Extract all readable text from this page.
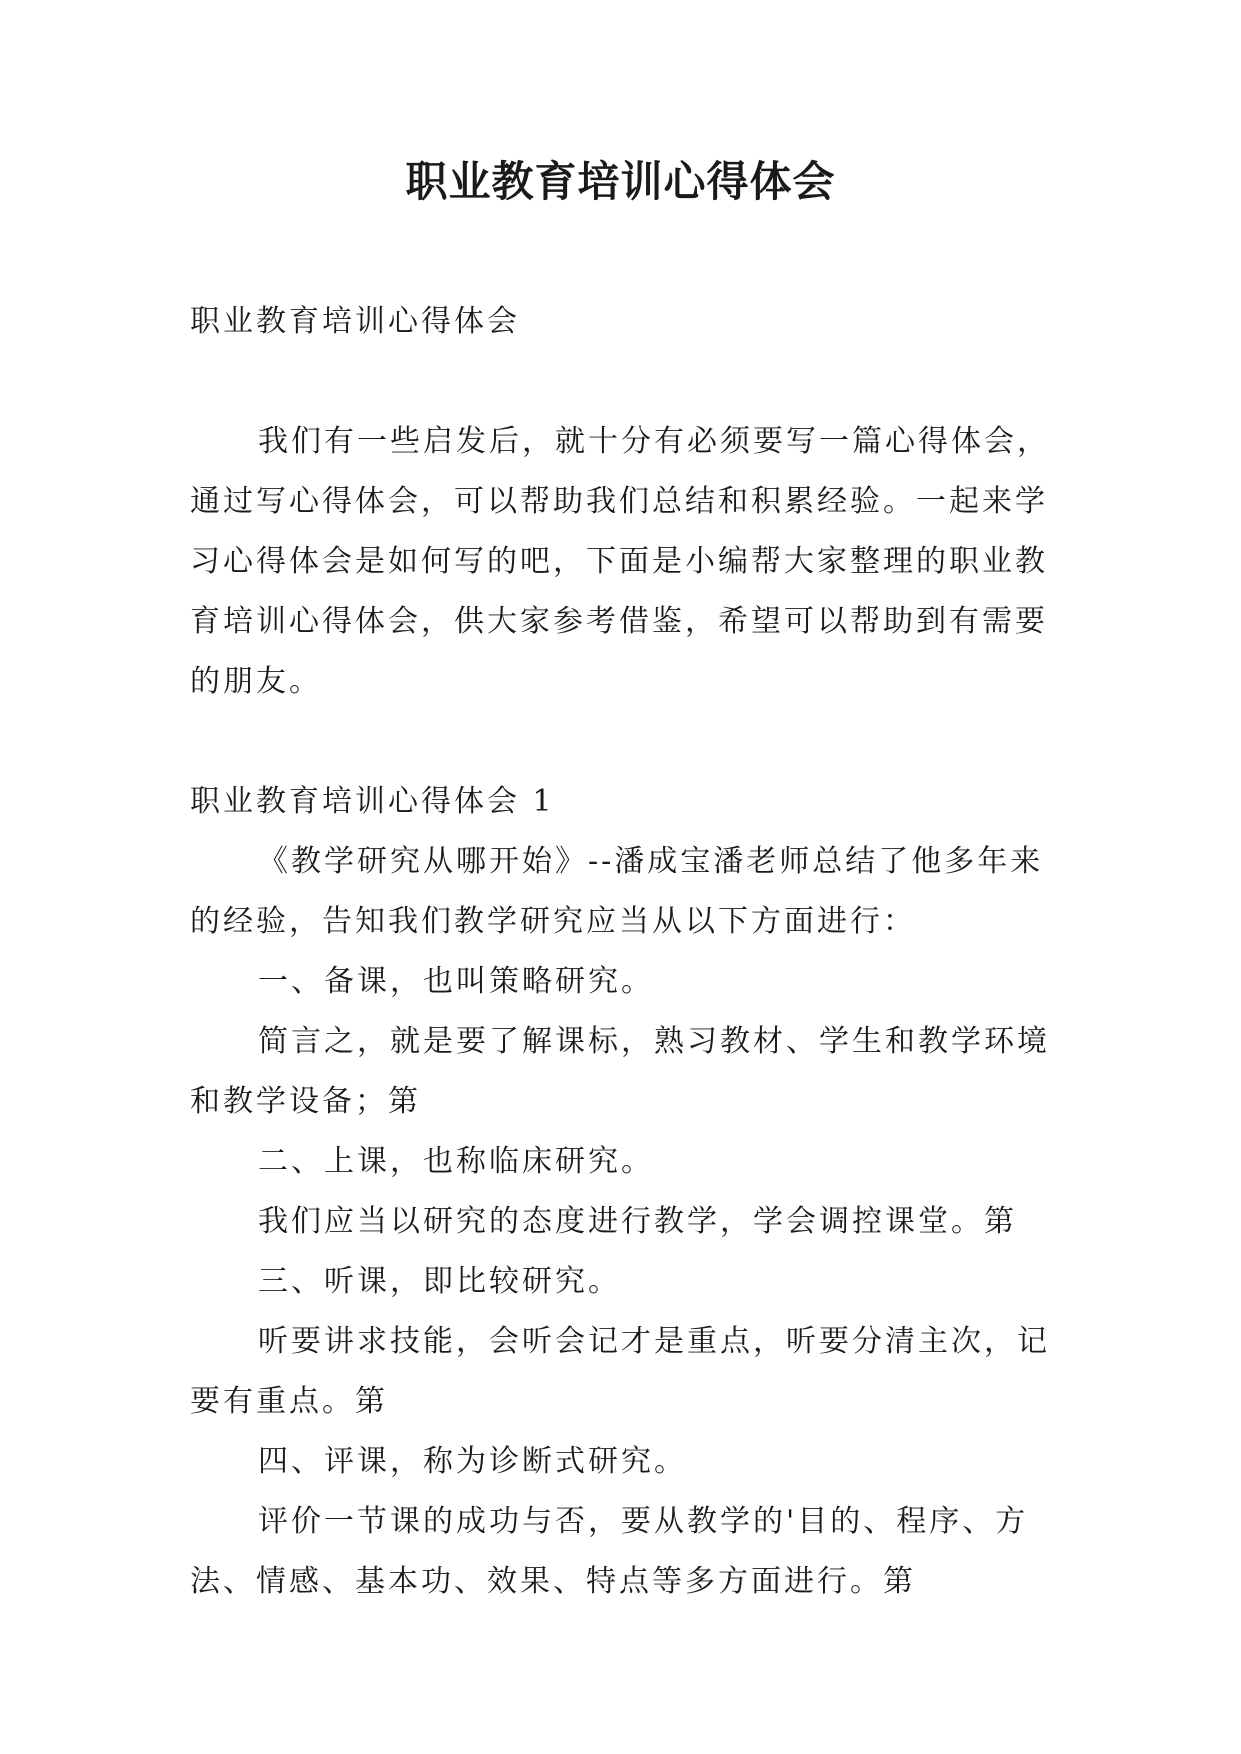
职业教育培训心得体会

职业教育培训心得体会

我们有一些启发后，就十分有必须要写一篇心得体会，通过写心得体会，可以帮助我们总结和积累经验。一起来学习心得体会是如何写的吧，下面是小编帮大家整理的职业教育培训心得体会，供大家参考借鉴，希望可以帮助到有需要的朋友。

职业教育培训心得体会 1

《教学研究从哪开始》--潘成宝潘老师总结了他多年来的经验，告知我们教学研究应当从以下方面进行：

一、备课，也叫策略研究。

简言之，就是要了解课标，熟习教材、学生和教学环境和教学设备；第

二、上课，也称临床研究。

我们应当以研究的态度进行教学，学会调控课堂。第

三、听课，即比较研究。

听要讲求技能，会听会记才是重点，听要分清主次，记要有重点。第

四、评课，称为诊断式研究。

评价一节课的成功与否，要从教学的'目的、程序、方法、情感、基本功、效果、特点等多方面进行。第
